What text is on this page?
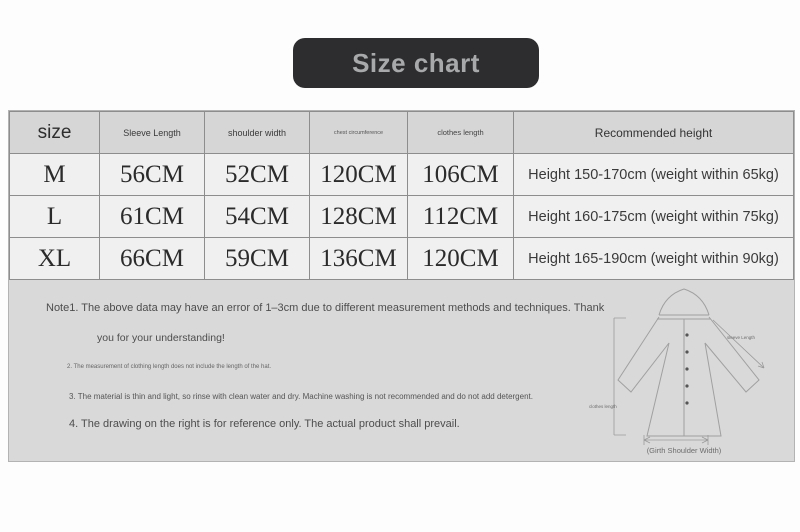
Size chart
size	Sleeve Length	shoulder width	chest circumference	clothes length	Recommended height
M	56CM	52CM	120CM	106CM	Height 150-170cm (weight within 65kg)
L	61CM	54CM	128CM	112CM	Height 160-175cm (weight within 75kg)
XL	66CM	59CM	136CM	120CM	Height 165-190cm (weight within 90kg)
Note1. The above data may have an error of 1–3cm due to different measurement methods and techniques. Thank
you for your understanding!
2. The measurement of clothing length does not include the length of the hat.
3. The material is thin and light, so rinse with clean water and dry. Machine washing is not recommended and do not add detergent.
4. The drawing on the right is for reference only. The actual product shall prevail.
clothes length
sleeve Length
(Girth Shoulder Width)
